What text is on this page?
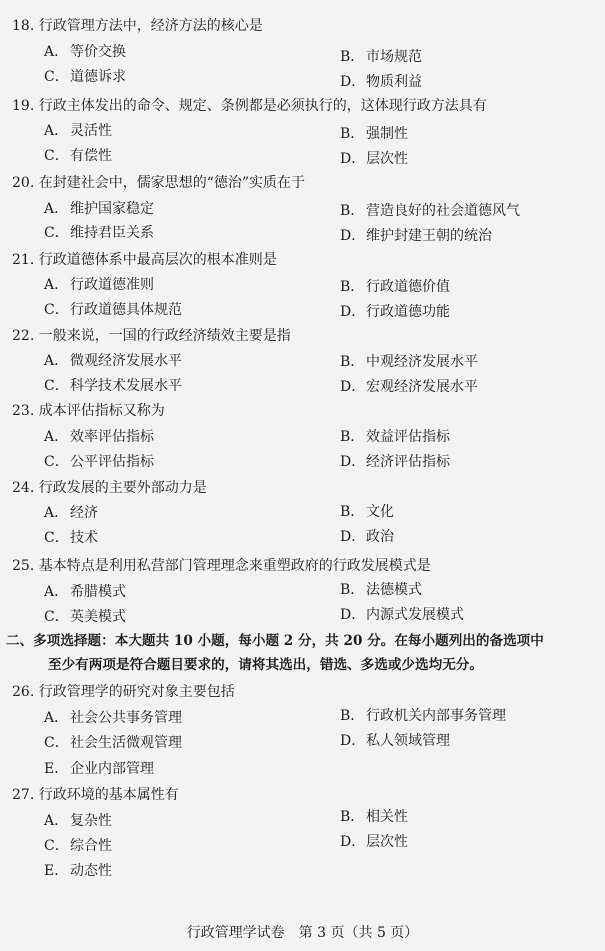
18. 行政管理方法中，经济方法的核心是
A． 等价交换	B． 市场规范
C．道德诉求	D．物质利益
19. 行政主体发出的命令、规定、条例都是必须执行的，这体现行政方法具有
A． 灵活性	B． 强制性
C．有偿性	D．层次性
20. 在封建社会中，儒家思想的“德治”实质在于
A． 维护国家稳定	B． 营造良好的社会道德风气
C．维持君臣关系	D．维护封建王朝的统治
21. 行政道德体系中最高层次的根本准则是
A． 行政道德准则	B． 行政道德价值
C．行政道德具体规范	D．行政道德功能
22. 一般来说，一国的行政经济绩效主要是指
A． 微观经济发展水平	B． 中观经济发展水平
C．科学技术发展水平	D．宏观经济发展水平
23. 成本评估指标又称为
A． 效率评估指标	B． 效益评估指标
C．公平评估指标	D．经济评估指标
24. 行政发展的主要外部动力是
A． 经济	B． 文化
C．技术	D．政治
25. 基本特点是利用私营部门管理理念来重塑政府的行政发展模式是
A． 希腊模式	B． 法德模式
C．英美模式	D．内源式发展模式
二、多项选择题：本大题共 10 小题，每小题 2 分，共 20 分。在每小题列出的备选项中
至少有两项是符合题目要求的，请将其选出，错选、多选或少选均无分。
26. 行政管理学的研究对象主要包括
A． 社会公共事务管理	B． 行政机关内部事务管理
C．社会生活微观管理	D．私人领域管理
E． 企业内部管理
27. 行政环境的基本属性有
A． 复杂性	B． 相关性
C．综合性	D．层次性
E． 动态性
行政管理学试卷　第 3 页（共 5 页）
